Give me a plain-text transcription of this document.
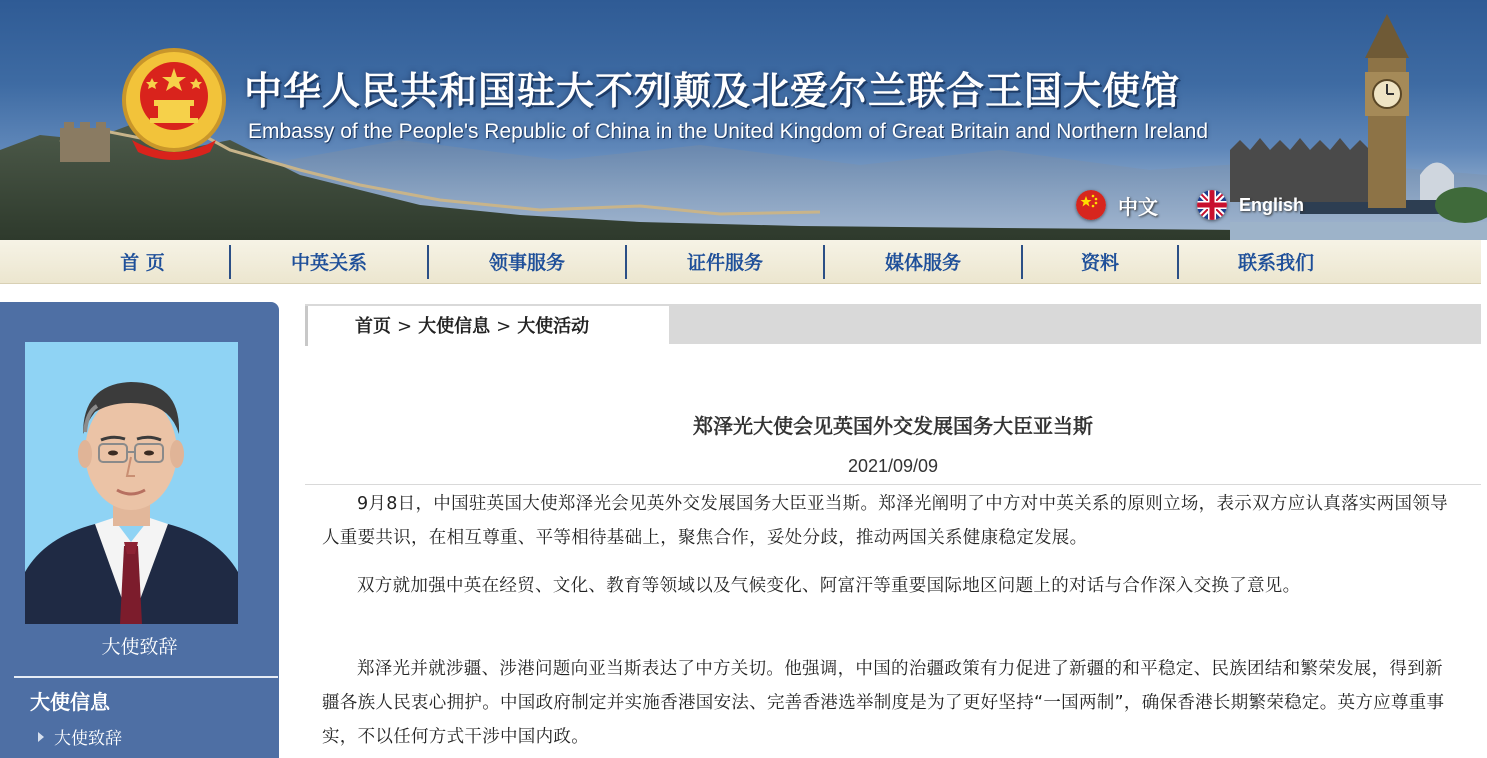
中华人民共和国驻大不列颠及北爱尔兰联合王国大使馆
Embassy of the People's Republic of China in the United Kingdom of Great Britain and Northern Ireland
中文	English
首 页	中英关系	领事服务	证件服务	媒体服务	资料	联系我们
大使致辞
大使信息
大使致辞
首页 > 大使信息 > 大使活动
郑泽光大使会见英国外交发展国务大臣亚当斯
2021/09/09

9月8日，中国驻英国大使郑泽光会见英外交发展国务大臣亚当斯。郑泽光阐明了中方对中英关系的原则立场，表示双方应认真落实两国领导人重要共识，在相互尊重、平等相待基础上，聚焦合作，妥处分歧，推动两国关系健康稳定发展。

双方就加强中英在经贸、文化、教育等领域以及气候变化、阿富汗等重要国际地区问题上的对话与合作深入交换了意见。

郑泽光并就涉疆、涉港问题向亚当斯表达了中方关切。他强调，中国的治疆政策有力促进了新疆的和平稳定、民族团结和繁荣发展，得到新疆各族人民衷心拥护。中国政府制定并实施香港国安法、完善香港选举制度是为了更好坚持“一国两制”，确保香港长期繁荣稳定。英方应尊重事实，不以任何方式干涉中国内政。
